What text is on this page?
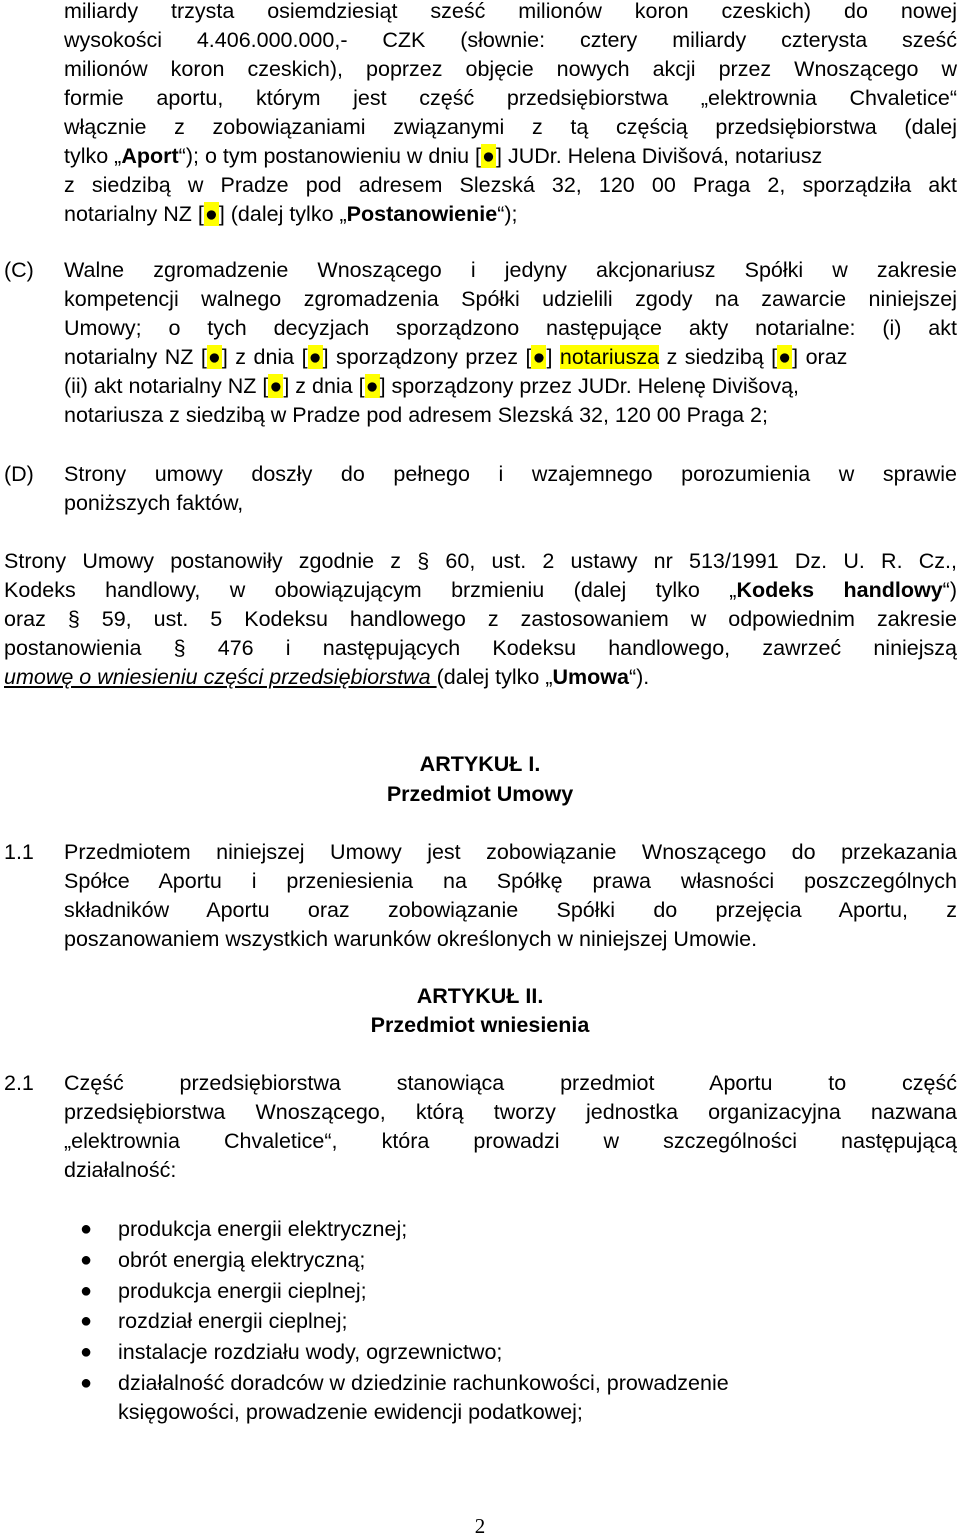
miliardy trzysta osiemdziesiąt sześć milionów koron czeskich) do nowej
wysokości 4.406.000.000,- CZK (słownie: cztery miliardy czterysta sześć
milionów koron czeskich), poprzez objęcie nowych akcji przez Wnoszącego w
formie aportu, którym jest część przedsiębiorstwa „elektrownia Chvaletice“
włącznie z zobowiązaniami związanymi z tą częścią przedsiębiorstwa (dalej
tylko „Aport“); o tym postanowieniu w dniu [●] JUDr. Helena Divišová, notariusz
z siedzibą w Pradze pod adresem Slezská 32, 120 00 Praga 2, sporządziła akt
notarialny NZ [●] (dalej tylko „Postanowienie“);
(C) Walne zgromadzenie Wnoszącego i jedyny akcjonariusz Spółki w zakresie
kompetencji walnego zgromadzenia Spółki udzielili zgody na zawarcie niniejszej
Umowy; o tych decyzjach sporządzono następujące akty notarialne: (i) akt
notarialny NZ [●] z dnia [●] sporządzony przez [●] notariusza z siedzibą [●] oraz
(ii) akt notarialny NZ [●] z dnia [●] sporządzony przez JUDr. Helenę Divišovą,
notariusza z siedzibą w Pradze pod adresem Slezská 32, 120 00 Praga 2;
(D) Strony umowy doszły do pełnego i wzajemnego porozumienia w sprawie
poniższych faktów,
Strony Umowy postanowiły zgodnie z § 60, ust. 2 ustawy nr 513/1991 Dz. U. R. Cz.,
Kodeks handlowy, w obowiązującym brzmieniu (dalej tylko „Kodeks handlowy“)
oraz § 59, ust. 5 Kodeksu handlowego z zastosowaniem w odpowiednim zakresie
postanowienia § 476 i następujących Kodeksu handlowego, zawrzeć niniejszą
umowę o wniesieniu części przedsiębiorstwa (dalej tylko „Umowa“).
ARTYKUŁ I.
Przedmiot Umowy
1.1 Przedmiotem niniejszej Umowy jest zobowiązanie Wnoszącego do przekazania
Spółce Aportu i przeniesienia na Spółkę prawa własności poszczególnych
składników Aportu oraz zobowiązanie Spółki do przejęcia Aportu, z
poszanowaniem wszystkich warunków określonych w niniejszej Umowie.
ARTYKUŁ II.
Przedmiot wniesienia
2.1 Część przedsiębiorstwa stanowiąca przedmiot Aportu to część
przedsiębiorstwa Wnoszącego, którą tworzy jednostka organizacyjna nazwana
„elektrownia Chvaletice“, która prowadzi w szczególności następującą
działalność:
● produkcja energii elektrycznej;
● obrót energią elektryczną;
● produkcja energii cieplnej;
● rozdział energii cieplnej;
● instalacje rozdziału wody, ogrzewnictwo;
● działalność doradców w dziedzinie rachunkowości, prowadzenie
księgowości, prowadzenie ewidencji podatkowej;
2
